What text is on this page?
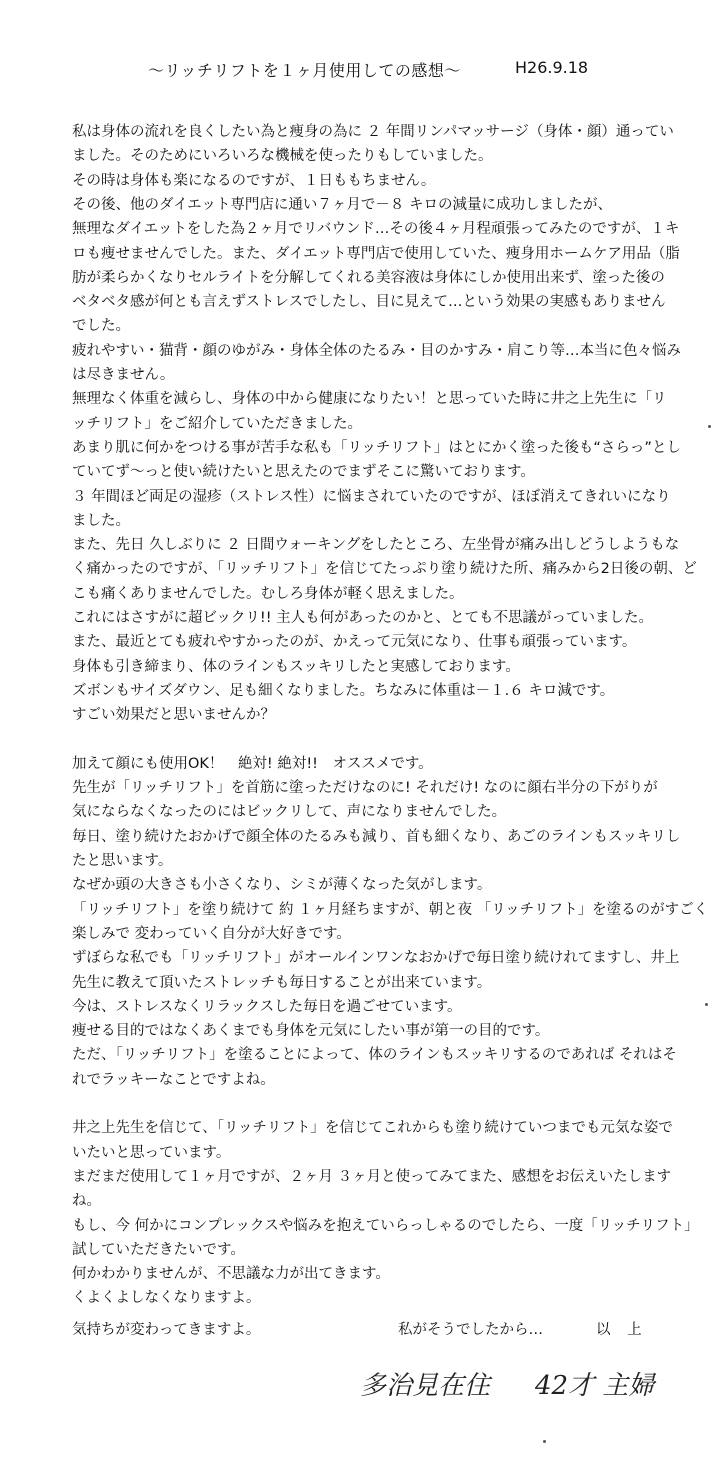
～リッチリフトを１ヶ月使用しての感想～	H26.9.18
私は身体の流れを良くしたい為と痩身の為に ２ 年間リンパマッサージ（身体・顔）通ってい
ました。そのためにいろいろな機械を使ったりもしていました。
その時は身体も楽になるのですが、１日ももちません。
その後、他のダイエット専門店に通い７ヶ月で－８ キロの減量に成功しましたが、
無理なダイエットをした為２ヶ月でリバウンド…その後４ヶ月程頑張ってみたのですが、１キ
ロも痩せませんでした。また、ダイエット専門店で使用していた、痩身用ホームケア用品（脂
肪が柔らかくなりセルライトを分解してくれる美容液は身体にしか使用出来ず、塗った後の
ベタベタ感が何とも言えずストレスでしたし、目に見えて…という効果の実感もありません
でした。
疲れやすい・猫背・顔のゆがみ・身体全体のたるみ・目のかすみ・肩こり等…本当に色々悩み
は尽きません。
無理なく体重を減らし、身体の中から健康になりたい！と思っていた時に井之上先生に「リ
ッチリフト」をご紹介していただきました。
あまり肌に何かをつける事が苦手な私も「リッチリフト」はとにかく塗った後も“さらっ”とし
ていてず～っと使い続けたいと思えたのでまずそこに驚いております。
３ 年間ほど両足の湿疹（ストレス性）に悩まされていたのですが、ほぼ消えてきれいになり
ました。
また、先日 久しぶりに ２ 日間ウォーキングをしたところ、左坐骨が痛み出しどうしようもな
く痛かったのですが、「リッチリフト」を信じてたっぷり塗り続けた所、痛みから2日後の朝、ど
こも痛くありませんでした。むしろ身体が軽く思えました。
これにはさすがに超ビックリ!! 主人も何があったのかと、とても不思議がっていました。
また、最近とても疲れやすかったのが、かえって元気になり、仕事も頑張っています。
身体も引き締まり、体のラインもスッキリしたと実感しております。
ズボンもサイズダウン、足も細くなりました。ちなみに体重は－１.６ キロ減です。
すごい効果だと思いませんか？
加えて顔にも使用OK！　絶対! 絶対!!　オススメです。
先生が「リッチリフト」を首筋に塗っただけなのに! それだけ! なのに顔右半分の下がりが
気にならなくなったのにはビックリして、声になりませんでした。
毎日、塗り続けたおかげで顔全体のたるみも減り、首も細くなり、あごのラインもスッキリし
たと思います。
なぜか頭の大きさも小さくなり、シミが薄くなった気がします。
「リッチリフト」を塗り続けて 約 １ヶ月経ちますが、朝と夜 「リッチリフト」を塗るのがすごく
楽しみで 変わっていく自分が大好きです。
ずぼらな私でも「リッチリフト」がオールインワンなおかげで毎日塗り続けれてますし、井上
先生に教えて頂いたストレッチも毎日することが出来ています。
今は、ストレスなくリラックスした毎日を過ごせています。
痩せる目的ではなくあくまでも身体を元気にしたい事が第一の目的です。
ただ、「リッチリフト」を塗ることによって、体のラインもスッキリするのであれば それはそ
れでラッキーなことですよね。
井之上先生を信じて、「リッチリフト」を信じてこれからも塗り続けていつまでも元気な姿で
いたいと思っています。
まだまだ使用して１ヶ月ですが、２ヶ月 ３ヶ月と使ってみてまた、感想をお伝えいたします
ね。
もし、今 何かにコンプレックスや悩みを抱えていらっしゃるのでしたら、一度「リッチリフト」
試していただきたいです。
何かわかりませんが、不思議な力が出てきます。
くよくよしなくなりますよ。
気持ちが変わってきますよ。	私がそうでしたから…	以 上
多治見在住 42才 主婦
